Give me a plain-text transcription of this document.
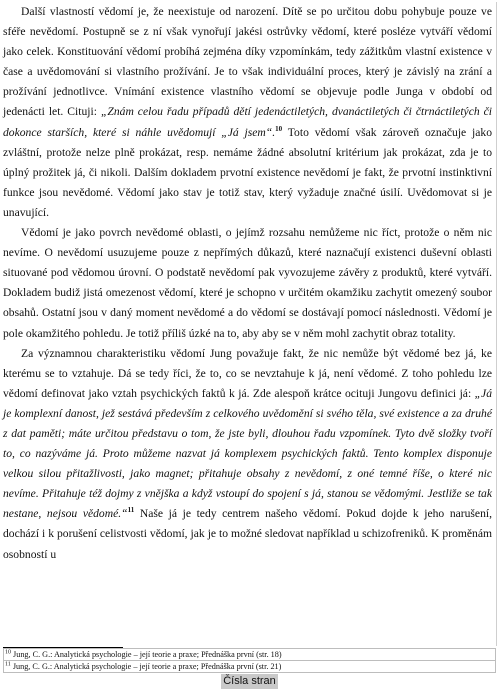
Další vlastností vědomí je, že neexistuje od narození. Dítě se po určitou dobu pohybuje pouze ve sféře nevědomí. Postupně se z ní však vynořují jakési ostrůvky vědomí, které posléze vytváří vědomí jako celek. Konstituování vědomí probíhá zejména díky vzpomínkám, tedy zážitkům vlastní existence v čase a uvědomování si vlastního prožívání. Je to však individuální proces, který je závislý na zrání a prožívání jednotlivce. Vnímání existence vlastního vědomí se objevuje podle Junga v období od jedenácti let. Cituji: „Znám celou řadu případů dětí jedenáctiletých, dvanáctiletých či čtrnáctiletých či dokonce starších, které si náhle uvědomují „Já jsem“.$^{10}$ Toto vědomí však zároveň označuje jako zvláštní, protože nelze plně prokázat, resp. nemáme žádné absolutní kritérium jak prokázat, zda je to úplný prožitek já, či nikoli. Dalším dokladem prvotní existence nevědomí je fakt, že prvotní instinktivní funkce jsou nevědomé. Vědomí jako stav je totiž stav, který vyžaduje značné úsilí. Uvědomovat si je unavující.

Vědomí je jako povrch nevědomé oblasti, o jejímž rozsahu nemůžeme nic říct, protože o něm nic nevíme. O nevědomí usuzujeme pouze z nepřímých důkazů, které naznačují existenci duševní oblasti situované pod vědomou úrovní. O podstatě nevědomí pak vyvozujeme závěry z produktů, které vytváří. Dokladem budiž jistá omezenost vědomí, které je schopno v určitém okamžiku zachytit omezený soubor obsahů. Ostatní jsou v daný moment nevědomé a do vědomí se dostávají pomocí následnosti. Vědomí je pole okamžitého pohledu. Je totiž příliš úzké na to, aby aby se v něm mohl zachytit obraz totality.

Za významnou charakteristiku vědomí Jung považuje fakt, že nic nemůže být vědomé bez já, ke kterému se to vztahuje. Dá se tedy říci, že to, co se nevztahuje k já, není vědomé. Z toho pohledu lze vědomí definovat jako vztah psychických faktů k já. Zde alespoň krátce ocituji Jungovu definici já: „Já je komplexní danost, jež sestává především z celkového uvědomění si svého těla, své existence a za druhé z dat paměti; máte určitou představu o tom, že jste byli, dlouhou řadu vzpomínek. Tyto dvě složky tvoří to, co nazýváme já. Proto můžeme nazvat já komplexem psychických faktů. Tento komplex disponuje velkou silou přitažlivosti, jako magnet; přitahuje obsahy z nevědomí, z oné temné říše, o které nic nevíme. Přitahuje též dojmy z vnějška a když vstoupí do spojení s já, stanou se vědomými. Jestliže se tak nestane, nejsou vědomé.“$^{11}$ Naše já je tedy centrem našeho vědomí. Pokud dojde k jeho narušení, dochází i k porušení celistvosti vědomí, jak je to možné sledovat například u schizofreniků. K proměnám osobností u

$^{10}$ Jung, C. G.: Analytická psychologie – její teorie a praxe; Přednáška první (str. 18)
$^{11}$ Jung, C. G.: Analytická psychologie – její teorie a praxe; Přednáška první (str. 21)
Čísla stran
